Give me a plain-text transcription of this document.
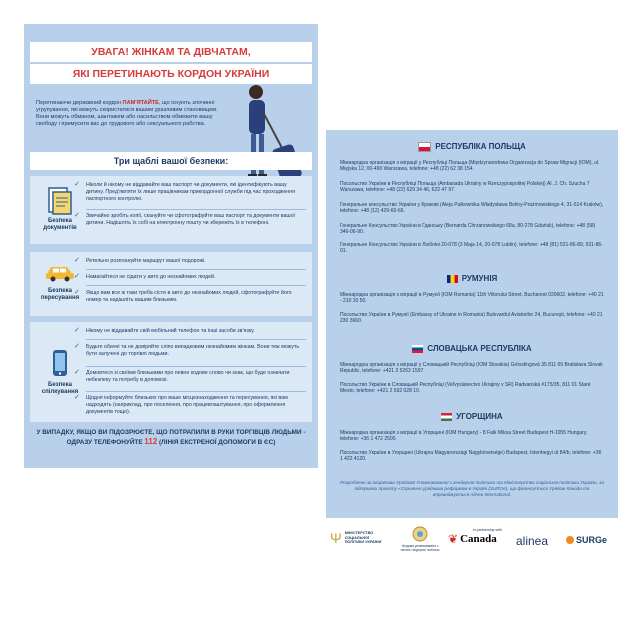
УВАГА! ЖІНКАМ ТА ДІВЧАТАМ,
ЯКІ ПЕРЕТИНАЮТЬ КОРДОН УКРАЇНИ
Перетинаючи державний кордон ПАМ'ЯТАЙТЕ, що існують злочинні угрупування, які можуть скористатися вашим уразливим становищем. Вони можуть обманом, шантажем або насильством обмежити вашу свободу і примусити вас до трудового або сексуального рабства.
Три щаблі вашої безпеки:
Безпека документів
✓ Ніколи й нікому не віддавайте ваш паспорт чи документи, які ідентифікують вашу дитину. Пред'являти їх лише працівникам прикордонної служби під час проходження паспортного контролю.
✓ Звичайно зробіть копії, скануйте чи сфотографуйте ваш паспорт та документи вашої дитини. Надішліть їх собі на електронну пошту чи збережіть їх в телефоні.
Безпека пересування
✓ Ретельно розплануйте маршрут вашої подорожі.
✓ Намагайтеся не сідати у авто до незнайомих людей.
✓ Якщо вам все ж таки треба сісти в авто до незнайомих людей, сфотографуйте його номер та надішліть вашим близьким.
Безпека спілкування
✓ Нікому не віддавайте свій мобільний телефон та інші засоби зв'язку.
✓ Будьте обачні та не довіряйте сліпо випадковим незнайомим жінкам. Вони теж можуть бути залучені до торгівлі людьми.
✓ Домовтеся зі своїми близькими про певне кодове слово чи знак, що буде означати небезпеку та потребу в допомозі.
✓ Щодня інформуйте близьких про ваше місцезнаходження та пересування, які вам надходять (наприклад, про поселення, про працевлаштування, про оформлення документів тощо).
У ВИПАДКУ, ЯКЩО ВИ ПІДОЗРЮЄТЕ, ЩО ПОТРАПИЛИ В РУКИ ТОРГІВЦІВ ЛЮДЬМИ - ОДРАЗУ ТЕЛЕФОНУЙТЕ 112 (ЛІНІЯ ЕКСТРЕНОЇ ДОПОМОГИ В ЄС)
РЕСПУБЛІКА ПОЛЬЩА
Міжнародна організація з міграції у Республіці Польща (Międzynarodowa Organizacja do Spraw Migracji (IOM), ul. Mięjska 12, 00-490 Warszawa, telefone: +48 (22) 62 38 154.
Посольство України в Республіці Польща (Ambasada Ukrainy w Rzeczypospolitej Polskiej) Al. J. Ch. Szucha 7 Warszawa, telefone: +48 (22) 629 34 46, 622 47 97.
Генеральне консульство України у Кракові (Aleja Pułkownika Władysława Beliny-Prażmowskiego 4, 31-514 Kraków), telefone: +48 (12) 429-60-66.
Генеральне Консульство України в Гданську (Bernarda Chrzanowskiego 68a, 80-278 Gdańsk), telefone: +48 (58) 346-06-90.
Генеральне Консульство України в Любліні 20-078 (3 Maja 14, 20-078 Lublin), telefone: +48 (81) 531-86-89, 531-86-01.
РУМУНІЯ
Міжнародна організація з міграції в Румунії (IOM Romania) 11th Viitorului Street, Bucharest 020602, telefone: +40 21 - 210 30 50.
Посольство України в Румунії (Embassy of Ukraine in Romania) Bulevardul Aviatorilor 24, Bucureşti, telefone: +40 21 230 3660.
СЛОВАЦЬКА РЕСПУБЛІКА
Міжнародна організація з міграції у Словацькій Республіці (IOM Slovakia) Grösslingová 35 811 09 Bratislava Slovak Republic, telefone: +421 2 5263 1597.
Посольство України в Словацькій Республіці (Veľvyslanectvo Ukrajiny v SR) Radvanská #175/35, 811 01 Staré Mesto, telefone: +421 2 592 028 10.
УГОРЩИНА
Міжнародна організація з міграції в Угорщині (IOM Hungary) - 8 Falk Miksa Street Budapest H-1055 Hungary, telefone: +36 1 472 2500.
Посольство України в Угорщині (Ukrajna Magyarországi Nagykövetsége) Budapest, Istenhegyi út 84/b, telefone: +36 1 422 4120.
Розроблено за ініціативи Урядової Уповноваженої з гендерної політики та Міністерства соціальної політики України, за підтримки проєкту «Сприяння урядовим реформам в Україні (SURGe), що фінансується Урядом Канади та впроваджується Alinea International.
Ψ МІНІСТЕРСТВО СОЦІАЛЬНОЇ ПОЛІТИКИ УКРАЇНИ
Урядова уповноважена з питань гендерної політики
In partnership with
❦ Canada alinea	SURGe
